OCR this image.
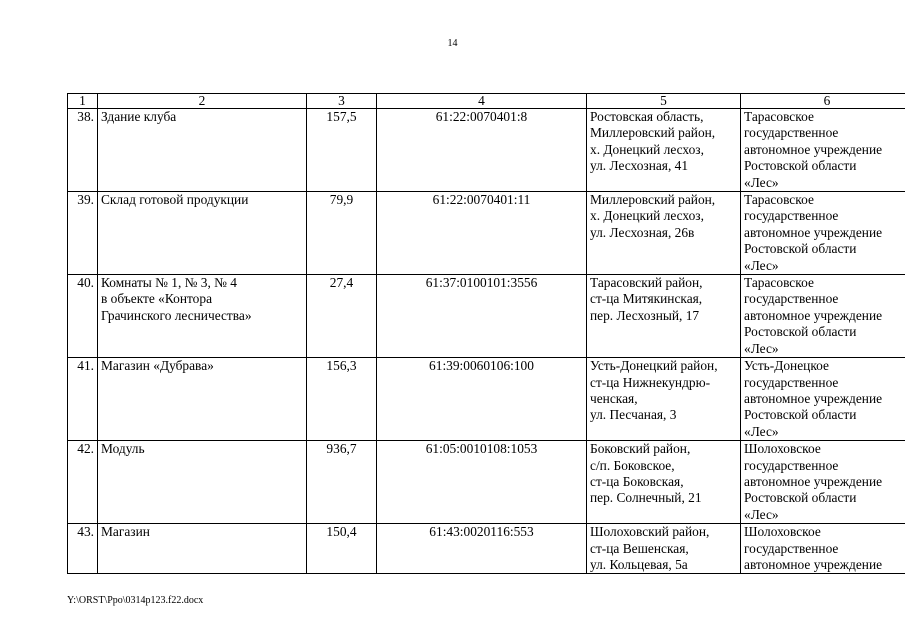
14
1	2	3	4	5	6
38.	Здание клуба	157,5	61:22:0070401:8	Ростовская область,
Миллеровский район,
х. Донецкий лесхоз,
ул. Лесхозная, 41	Тарасовское
государственное
автономное учреждение
Ростовской области
«Лес»
39.	Склад готовой продукции	79,9	61:22:0070401:11	Миллеровский район,
х. Донецкий лесхоз,
ул. Лесхозная, 26в	Тарасовское
государственное
автономное учреждение
Ростовской области
«Лес»
40.	Комнаты № 1, № 3, № 4
в объекте «Контора
Грачинского лесничества»	27,4	61:37:0100101:3556	Тарасовский район,
ст-ца Митякинская,
пер. Лесхозный, 17	Тарасовское
государственное
автономное учреждение
Ростовской области
«Лес»
41.	Магазин «Дубрава»	156,3	61:39:0060106:100	Усть-Донецкий район,
ст-ца Нижнекундрю-
ченская,
ул. Песчаная, 3	Усть-Донецкое
государственное
автономное учреждение
Ростовской области
«Лес»
42.	Модуль	936,7	61:05:0010108:1053	Боковский район,
с/п. Боковское,
ст-ца Боковская,
пер. Солнечный, 21	Шолоховское
государственное
автономное учреждение
Ростовской области
«Лес»
43.	Магазин	150,4	61:43:0020116:553	Шолоховский район,
ст-ца Вешенская,
ул. Кольцевая, 5а	Шолоховское
государственное
автономное учреждение
Y:\ORST\Ppo\0314p123.f22.docx
